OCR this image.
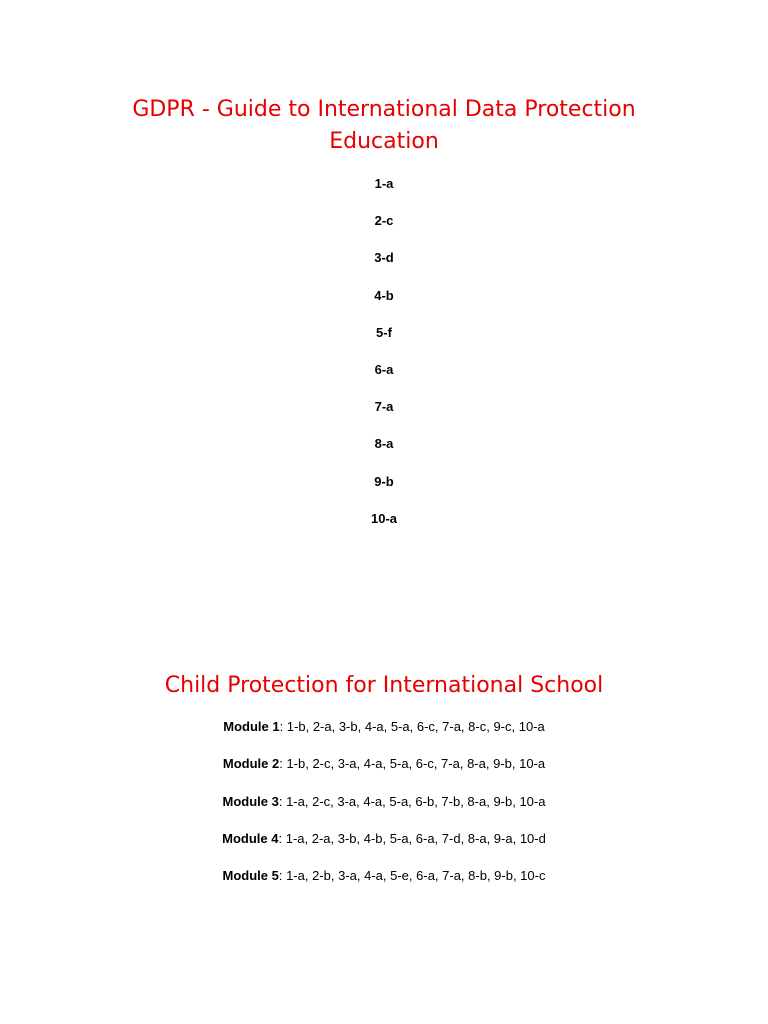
GDPR - Guide to International Data Protection Education
1-a
2-c
3-d
4-b
5-f
6-a
7-a
8-a
9-b
10-a
Child Protection for International School
Module 1: 1-b, 2-a, 3-b, 4-a, 5-a, 6-c, 7-a, 8-c, 9-c, 10-a
Module 2: 1-b, 2-c, 3-a, 4-a, 5-a, 6-c, 7-a, 8-a, 9-b, 10-a
Module 3: 1-a, 2-c, 3-a, 4-a, 5-a, 6-b, 7-b, 8-a, 9-b, 10-a
Module 4: 1-a, 2-a, 3-b, 4-b, 5-a, 6-a, 7-d, 8-a, 9-a, 10-d
Module 5: 1-a, 2-b, 3-a, 4-a, 5-e, 6-a, 7-a, 8-b, 9-b, 10-c
